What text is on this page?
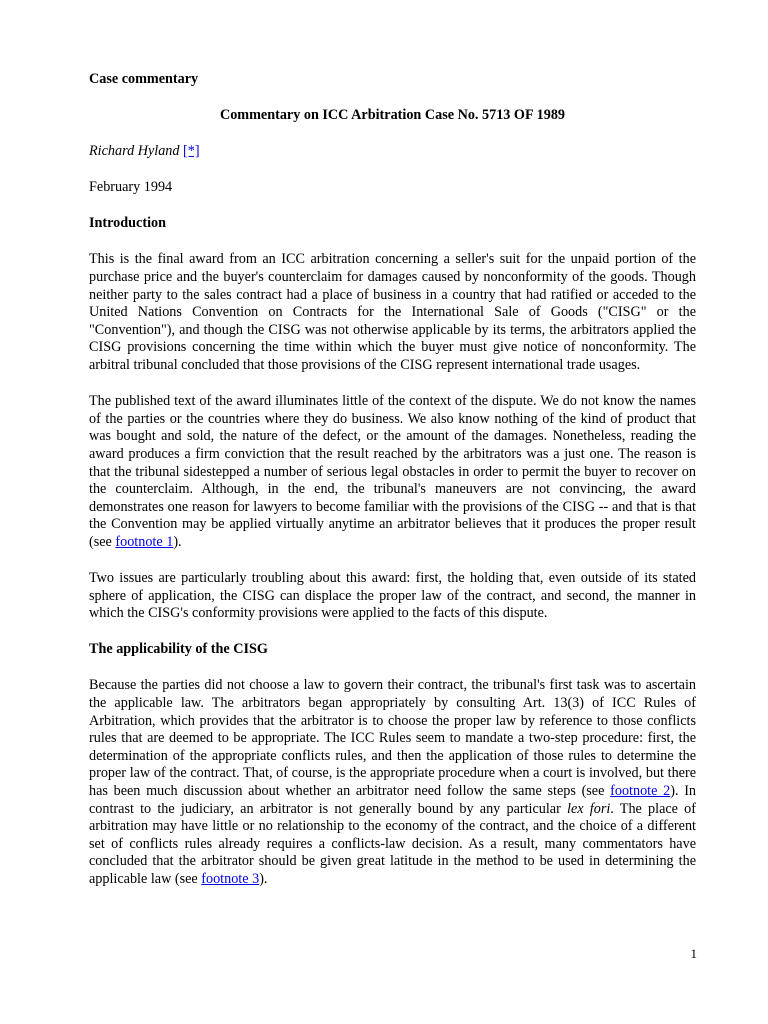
Case commentary
Commentary on ICC Arbitration Case No. 5713 OF 1989
Richard Hyland [*]
February 1994
Introduction
This is the final award from an ICC arbitration concerning a seller's suit for the unpaid portion of the purchase price and the buyer's counterclaim for damages caused by nonconformity of the goods. Though neither party to the sales contract had a place of business in a country that had ratified or acceded to the United Nations Convention on Contracts for the International Sale of Goods ("CISG" or the "Convention"), and though the CISG was not otherwise applicable by its terms, the arbitrators applied the CISG provisions concerning the time within which the buyer must give notice of nonconformity. The arbitral tribunal concluded that those provisions of the CISG represent international trade usages.
The published text of the award illuminates little of the context of the dispute. We do not know the names of the parties or the countries where they do business. We also know nothing of the kind of product that was bought and sold, the nature of the defect, or the amount of the damages. Nonetheless, reading the award produces a firm conviction that the result reached by the arbitrators was a just one. The reason is that the tribunal sidestepped a number of serious legal obstacles in order to permit the buyer to recover on the counterclaim. Although, in the end, the tribunal's maneuvers are not convincing, the award demonstrates one reason for lawyers to become familiar with the provisions of the CISG -- and that is that the Convention may be applied virtually anytime an arbitrator believes that it produces the proper result (see footnote 1).
Two issues are particularly troubling about this award: first, the holding that, even outside of its stated sphere of application, the CISG can displace the proper law of the contract, and second, the manner in which the CISG's conformity provisions were applied to the facts of this dispute.
The applicability of the CISG
Because the parties did not choose a law to govern their contract, the tribunal's first task was to ascertain the applicable law. The arbitrators began appropriately by consulting Art. 13(3) of ICC Rules of Arbitration, which provides that the arbitrator is to choose the proper law by reference to those conflicts rules that are deemed to be appropriate. The ICC Rules seem to mandate a two-step procedure: first, the determination of the appropriate conflicts rules, and then the application of those rules to determine the proper law of the contract. That, of course, is the appropriate procedure when a court is involved, but there has been much discussion about whether an arbitrator need follow the same steps (see footnote 2). In contrast to the judiciary, an arbitrator is not generally bound by any particular lex fori. The place of arbitration may have little or no relationship to the economy of the contract, and the choice of a different set of conflicts rules already requires a conflicts-law decision. As a result, many commentators have concluded that the arbitrator should be given great latitude in the method to be used in determining the applicable law (see footnote 3).
1
